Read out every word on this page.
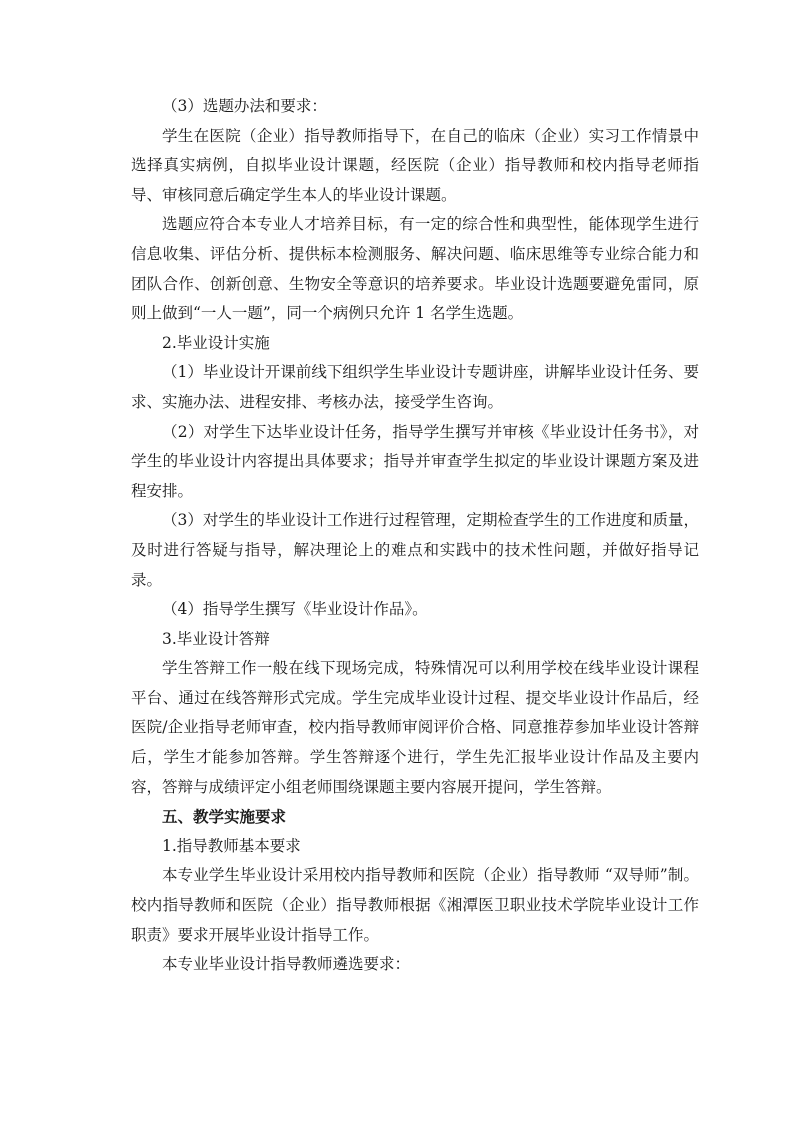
（3）选题办法和要求：

学生在医院（企业）指导教师指导下，在自己的临床（企业）实习工作情景中选择真实病例，自拟毕业设计课题，经医院（企业）指导教师和校内指导老师指导、审核同意后确定学生本人的毕业设计课题。

选题应符合本专业人才培养目标，有一定的综合性和典型性，能体现学生进行信息收集、评估分析、提供标本检测服务、解决问题、临床思维等专业综合能力和团队合作、创新创意、生物安全等意识的培养要求。毕业设计选题要避免雷同，原则上做到“一人一题”，同一个病例只允许 1 名学生选题。

2.毕业设计实施

（1）毕业设计开课前线下组织学生毕业设计专题讲座，讲解毕业设计任务、要求、实施办法、进程安排、考核办法，接受学生咨询。

（2）对学生下达毕业设计任务，指导学生撰写并审核《毕业设计任务书》，对学生的毕业设计内容提出具体要求；指导并审查学生拟定的毕业设计课题方案及进程安排。

（3）对学生的毕业设计工作进行过程管理，定期检查学生的工作进度和质量，及时进行答疑与指导，解决理论上的难点和实践中的技术性问题，并做好指导记录。

（4）指导学生撰写《毕业设计作品》。

3.毕业设计答辩

学生答辩工作一般在线下现场完成，特殊情况可以利用学校在线毕业设计课程平台、通过在线答辩形式完成。学生完成毕业设计过程、提交毕业设计作品后，经医院/企业指导老师审查，校内指导教师审阅评价合格、同意推荐参加毕业设计答辩后，学生才能参加答辩。学生答辩逐个进行，学生先汇报毕业设计作品及主要内容，答辩与成绩评定小组老师围绕课题主要内容展开提问，学生答辩。

五、教学实施要求

1.指导教师基本要求

本专业学生毕业设计采用校内指导教师和医院（企业）指导教师 “双导师”制。校内指导教师和医院（企业）指导教师根据《湘潭医卫职业技术学院毕业设计工作职责》要求开展毕业设计指导工作。

本专业毕业设计指导教师遴选要求：
